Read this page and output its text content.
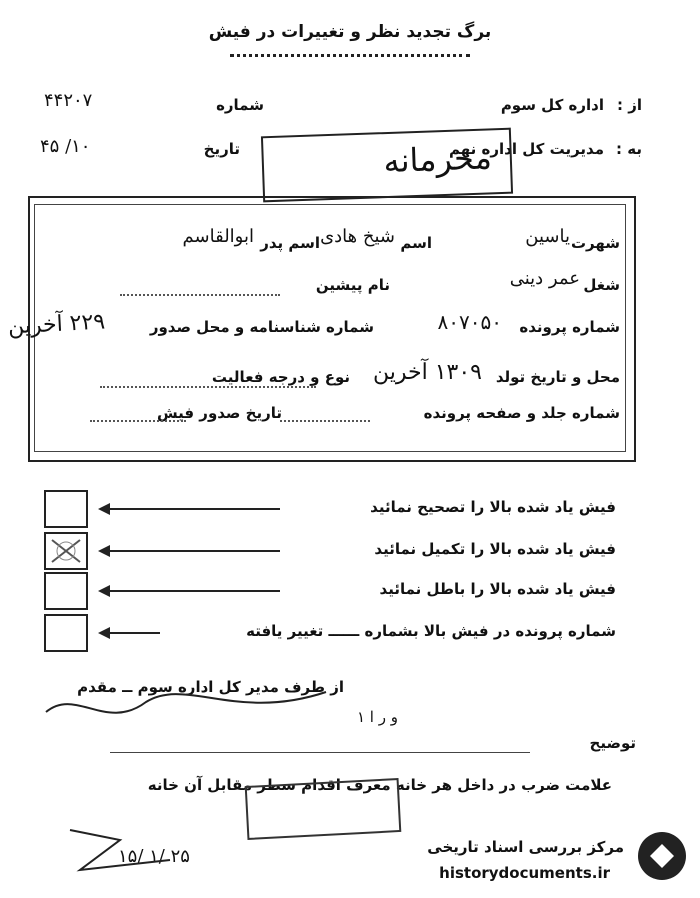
برگ تجدید نظر و تغییرات در فیش
از :
اداره کل سوم
شماره
۴۴۲۰۷
به :
مدیریت کل اداره نهم
تاریخ
۱۰/ ۴۵	محرمانه
شهرت
یاسین
اسم
شیخ هادی
اسم پدر
ابوالقاسم
شغل
عمر دینی
نام پیشین
شماره پرونده
۸۰۷۰۵۰
شماره شناسنامه و محل صدور
۲۲۹ آخرین
محل و تاریخ تولد
۱۳۰۹ آخرین
نوع و درجه فعالیت
شماره جلد و صفحه پرونده
تاریخ صدور فیش
فیش یاد شده بالا را تصحیح نمائید
فیش یاد شده بالا را تکمیل نمائید
فیش یاد شده بالا را باطل نمائید
شماره پرونده در فیش بالا بشماره ــــــ تغییر یافته
از طرف مدیر کل اداره سوم ــ مقدم
و ر ا ۱
توضیح
علامت ضرب در داخل هر خانه معرف اقدام سطر مقابل آن خانه
۱۵/ ۱/ ۲۵	مرکز بررسی اسناد تاریخی
historydocuments.ir
